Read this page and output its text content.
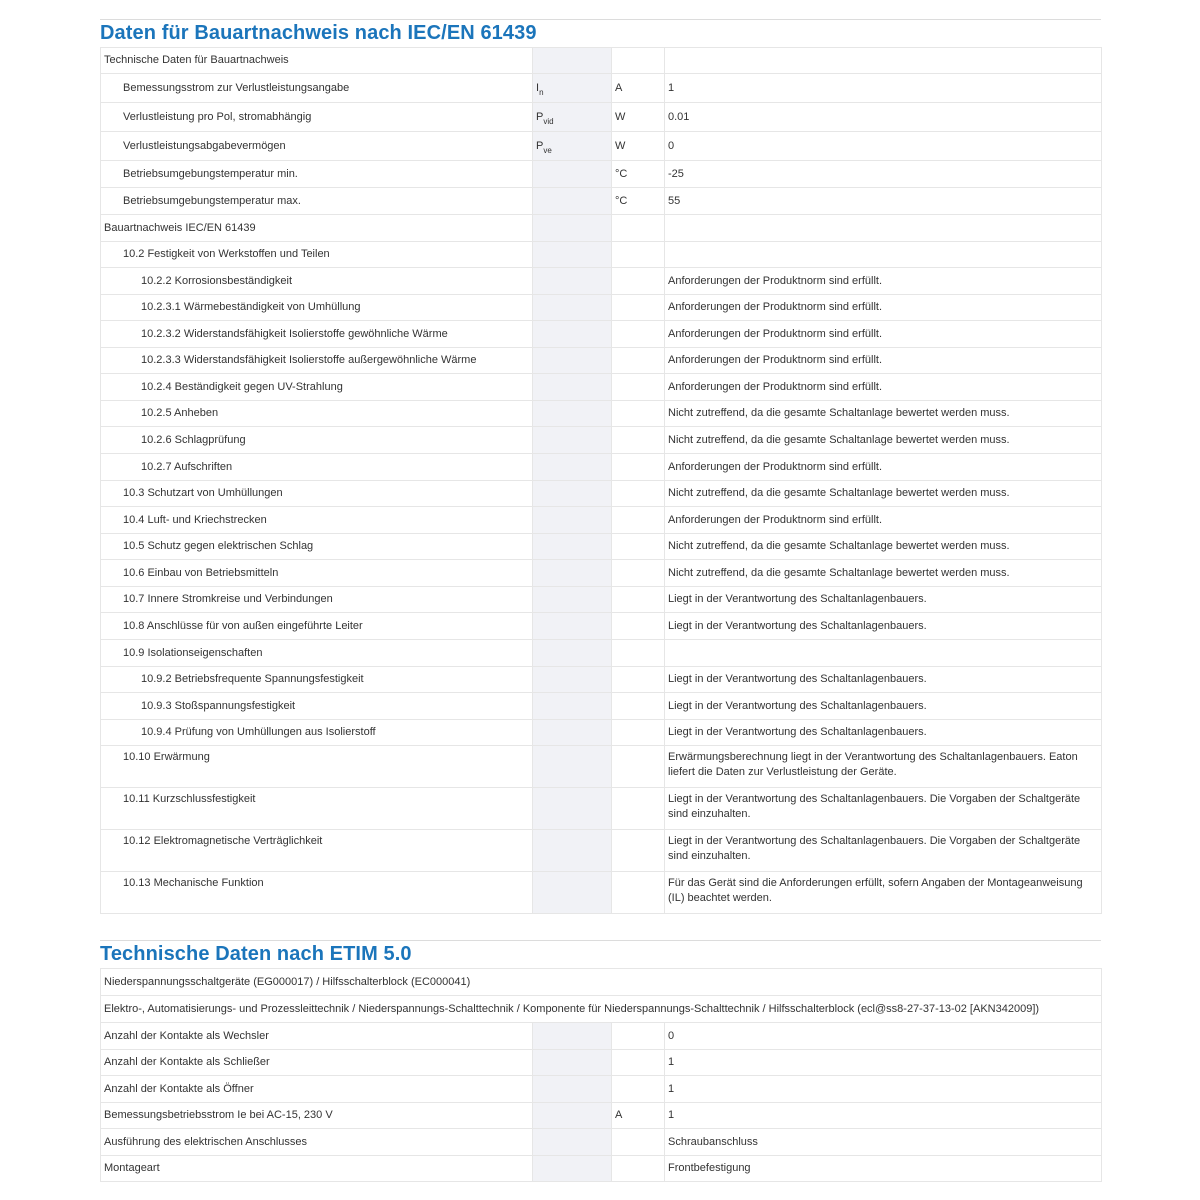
Daten für Bauartnachweis nach IEC/EN 61439
Technische Daten für Bauartnachweis			
Bemessungsstrom zur Verlustleistungsangabe	$I_n$	A	1
Verlustleistung pro Pol, stromabhängig	$P_{vid}$	W	0.01
Verlustleistungsabgabevermögen	$P_{ve}$	W	0
Betriebsumgebungstemperatur min.		°C	-25
Betriebsumgebungstemperatur max.		°C	55
Bauartnachweis IEC/EN 61439			
10.2 Festigkeit von Werkstoffen und Teilen			
10.2.2 Korrosionsbeständigkeit			Anforderungen der Produktnorm sind erfüllt.
10.2.3.1 Wärmebeständigkeit von Umhüllung			Anforderungen der Produktnorm sind erfüllt.
10.2.3.2 Widerstandsfähigkeit Isolierstoffe gewöhnliche Wärme			Anforderungen der Produktnorm sind erfüllt.
10.2.3.3 Widerstandsfähigkeit Isolierstoffe außergewöhnliche Wärme			Anforderungen der Produktnorm sind erfüllt.
10.2.4 Beständigkeit gegen UV-Strahlung			Anforderungen der Produktnorm sind erfüllt.
10.2.5 Anheben			Nicht zutreffend, da die gesamte Schaltanlage bewertet werden muss.
10.2.6 Schlagprüfung			Nicht zutreffend, da die gesamte Schaltanlage bewertet werden muss.
10.2.7 Aufschriften			Anforderungen der Produktnorm sind erfüllt.
10.3 Schutzart von Umhüllungen			Nicht zutreffend, da die gesamte Schaltanlage bewertet werden muss.
10.4 Luft- und Kriechstrecken			Anforderungen der Produktnorm sind erfüllt.
10.5 Schutz gegen elektrischen Schlag			Nicht zutreffend, da die gesamte Schaltanlage bewertet werden muss.
10.6 Einbau von Betriebsmitteln			Nicht zutreffend, da die gesamte Schaltanlage bewertet werden muss.
10.7 Innere Stromkreise und Verbindungen			Liegt in der Verantwortung des Schaltanlagenbauers.
10.8 Anschlüsse für von außen eingeführte Leiter			Liegt in der Verantwortung des Schaltanlagenbauers.
10.9 Isolationseigenschaften			
10.9.2 Betriebsfrequente Spannungsfestigkeit			Liegt in der Verantwortung des Schaltanlagenbauers.
10.9.3 Stoßspannungsfestigkeit			Liegt in der Verantwortung des Schaltanlagenbauers.
10.9.4 Prüfung von Umhüllungen aus Isolierstoff			Liegt in der Verantwortung des Schaltanlagenbauers.
10.10 Erwärmung			Erwärmungsberechnung liegt in der Verantwortung des Schaltanlagenbauers. Eaton liefert die Daten zur Verlustleistung der Geräte.
10.11 Kurzschlussfestigkeit			Liegt in der Verantwortung des Schaltanlagenbauers. Die Vorgaben der Schaltgeräte sind einzuhalten.
10.12 Elektromagnetische Verträglichkeit			Liegt in der Verantwortung des Schaltanlagenbauers. Die Vorgaben der Schaltgeräte sind einzuhalten.
10.13 Mechanische Funktion			Für das Gerät sind die Anforderungen erfüllt, sofern Angaben der Montageanweisung (IL) beachtet werden.
Technische Daten nach ETIM 5.0
Niederspannungsschaltgeräte (EG000017) / Hilfsschalterblock (EC000041)			
Elektro-, Automatisierungs- und Prozessleittechnik / Niederspannungs-Schalttechnik / Komponente für Niederspannungs-Schalttechnik / Hilfsschalterblock (ecl@ss8-27-37-13-02 [AKN342009])			
Anzahl der Kontakte als Wechsler			0
Anzahl der Kontakte als Schließer			1
Anzahl der Kontakte als Öffner			1
Bemessungsbetriebsstrom Ie bei AC-15, 230 V		A	1
Ausführung des elektrischen Anschlusses			Schraubanschluss
Montageart			Frontbefestigung
